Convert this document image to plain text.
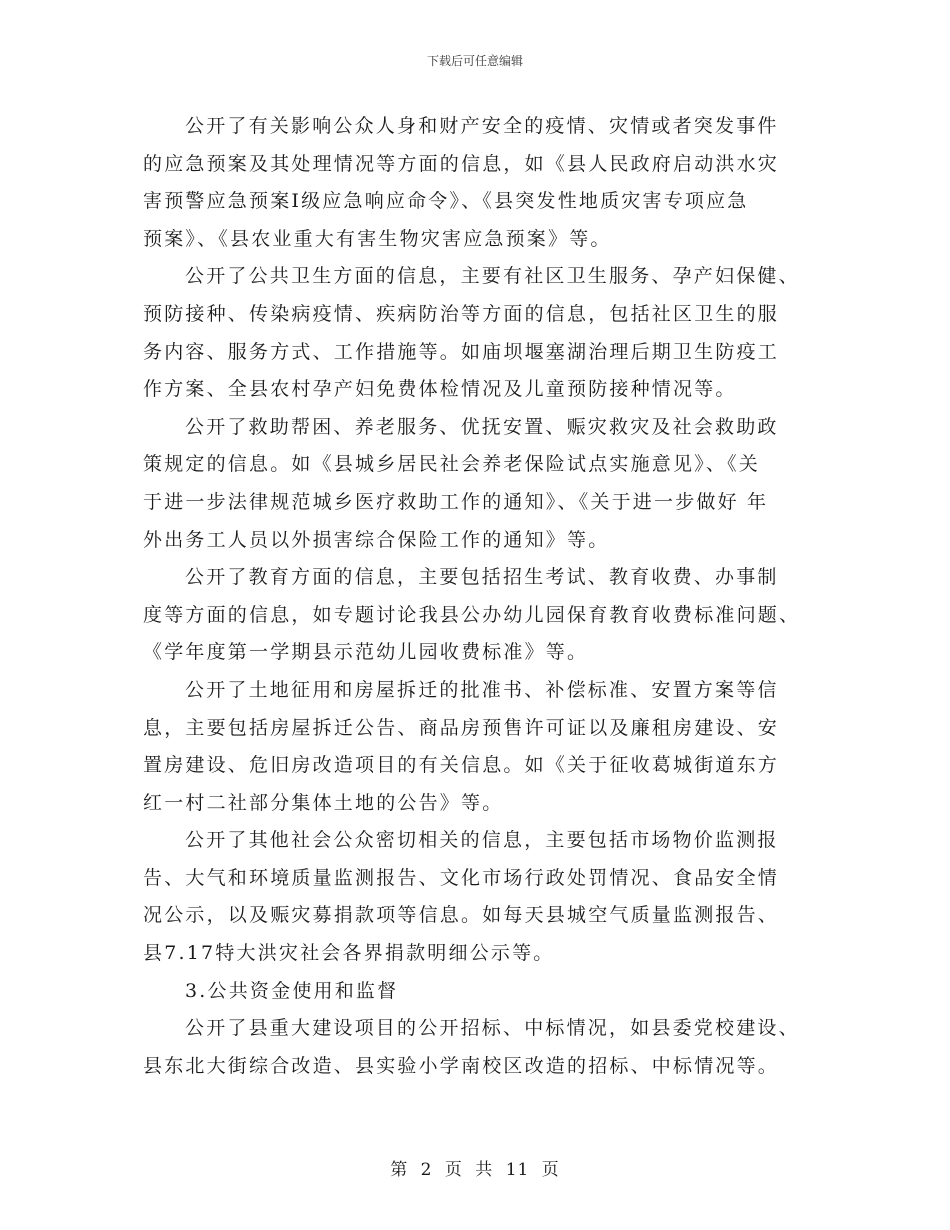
下载后可任意编辑
公开了有关影响公众人身和财产安全的疫情、灾情或者突发事件
的应急预案及其处理情况等方面的信息，如《县人民政府启动洪水灾
害预警应急预案Ⅰ级应急响应命令》、《县突发性地质灾害专项应急
预案》、《县农业重大有害生物灾害应急预案》等。
公开了公共卫生方面的信息，主要有社区卫生服务、孕产妇保健、
预防接种、传染病疫情、疾病防治等方面的信息，包括社区卫生的服
务内容、服务方式、工作措施等。如庙坝堰塞湖治理后期卫生防疫工
作方案、全县农村孕产妇免费体检情况及儿童预防接种情况等。
公开了救助帮困、养老服务、优抚安置、赈灾救灾及社会救助政
策规定的信息。如《县城乡居民社会养老保险试点实施意见》、《关
于进一步法律规范城乡医疗救助工作的通知》、《关于进一步做好 年
外出务工人员以外损害综合保险工作的通知》等。
公开了教育方面的信息，主要包括招生考试、教育收费、办事制
度等方面的信息，如专题讨论我县公办幼儿园保育教育收费标准问题、
《学年度第一学期县示范幼儿园收费标准》等。
公开了土地征用和房屋拆迁的批准书、补偿标准、安置方案等信
息，主要包括房屋拆迁公告、商品房预售许可证以及廉租房建设、安
置房建设、危旧房改造项目的有关信息。如《关于征收葛城街道东方
红一村二社部分集体土地的公告》等。
公开了其他社会公众密切相关的信息，主要包括市场物价监测报
告、大气和环境质量监测报告、文化市场行政处罚情况、食品安全情
况公示，以及赈灾募捐款项等信息。如每天县城空气质量监测报告、
县7.17特大洪灾社会各界捐款明细公示等。
3.公共资金使用和监督
公开了县重大建设项目的公开招标、中标情况，如县委党校建设、
县东北大街综合改造、县实验小学南校区改造的招标、中标情况等。
第 2 页 共 11 页
